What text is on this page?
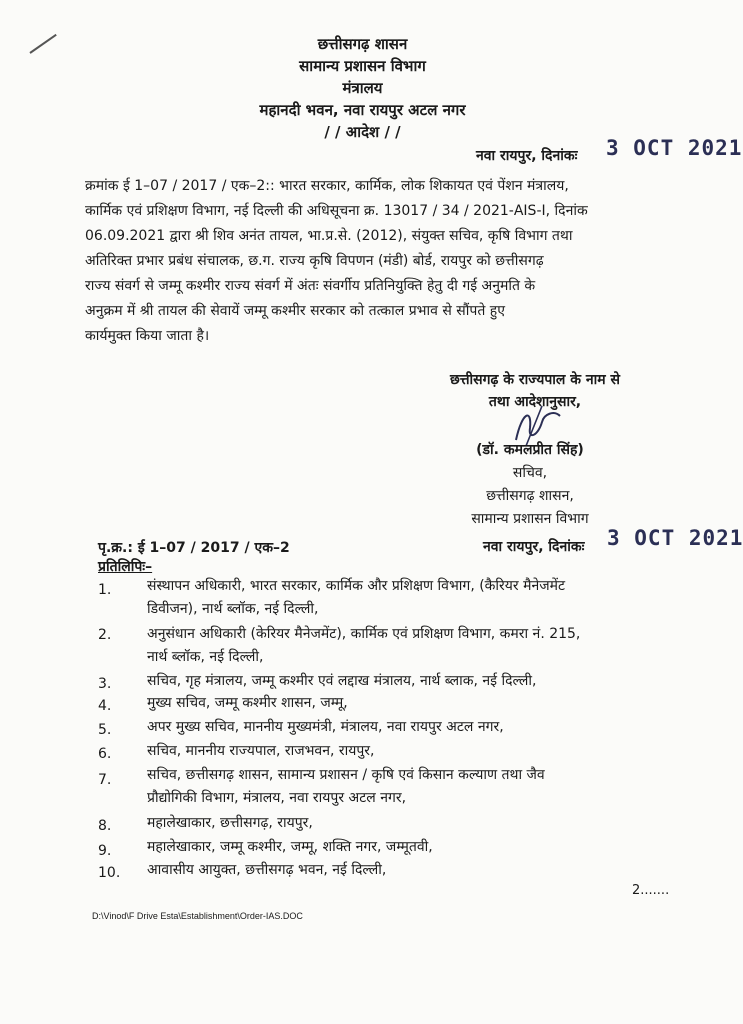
छत्तीसगढ़ शासन
सामान्य प्रशासन विभाग
मंत्रालय
महानदी भवन, नवा रायपुर अटल नगर
/ / आदेश / /
नवा रायपुर, दिनांकः 3 OCT 2021
क्रमांक ई 1–07 / 2017 / एक–2:: भारत सरकार, कार्मिक, लोक शिकायत एवं पेंशन मंत्रालय,
कार्मिक एवं प्रशिक्षण विभाग, नई दिल्ली की अधिसूचना क्र. 13017 / 34 / 2021-AIS-I, दिनांक
06.09.2021 द्वारा श्री शिव अनंत तायल, भा.प्र.से. (2012), संयुक्त सचिव, कृषि विभाग तथा
अतिरिक्त प्रभार प्रबंध संचालक, छ.ग. राज्य कृषि विपणन (मंडी) बोर्ड, रायपुर को छत्तीसगढ़
राज्य संवर्ग से जम्मू कश्मीर राज्य संवर्ग में अंतः संवर्गीय प्रतिनियुक्ति हेतु दी गई अनुमति के
अनुक्रम में श्री तायल की सेवायें जम्मू कश्मीर सरकार को तत्काल प्रभाव से सौंपते हुए
कार्यमुक्त किया जाता है।
छत्तीसगढ़ के राज्यपाल के नाम से
तथा आदेशानुसार,
(डॉ. कमलप्रीत सिंह)
सचिव,
छत्तीसगढ़ शासन,
सामान्य प्रशासन विभाग
पृ.क्र.: ई 1–07 / 2017 / एक–2	नवा रायपुर, दिनांकः 3 OCT 2021
प्रतिलिपिः–
1.	संस्थापन अधिकारी, भारत सरकार, कार्मिक और प्रशिक्षण विभाग, (कैरियर मैनेजमेंट
डिवीजन), नार्थ ब्लॉक, नई दिल्ली,
2.	अनुसंधान अधिकारी (केरियर मैनेजमेंट), कार्मिक एवं प्रशिक्षण विभाग, कमरा नं. 215,
नार्थ ब्लॉक, नई दिल्ली,
3.	सचिव, गृह मंत्रालय, जम्मू कश्मीर एवं लद्दाख मंत्रालय, नार्थ ब्लाक, नई दिल्ली,
4.	मुख्य सचिव, जम्मू कश्मीर शासन, जम्मू,
5.	अपर मुख्य सचिव, माननीय मुख्यमंत्री, मंत्रालय, नवा रायपुर अटल नगर,
6.	सचिव, माननीय राज्यपाल, राजभवन, रायपुर,
7.	सचिव, छत्तीसगढ़ शासन, सामान्य प्रशासन / कृषि एवं किसान कल्याण तथा जैव
प्रौद्योगिकी विभाग, मंत्रालय, नवा रायपुर अटल नगर,
8.	महालेखाकार, छत्तीसगढ़, रायपुर,
9.	महालेखाकार, जम्मू कश्मीर, जम्मू, शक्ति नगर, जम्मूतवी,
10. आवासीय आयुक्त, छत्तीसगढ़ भवन, नई दिल्ली,
2.......
D:\Vinod\F Drive Esta\Establishment\Order-IAS.DOC
